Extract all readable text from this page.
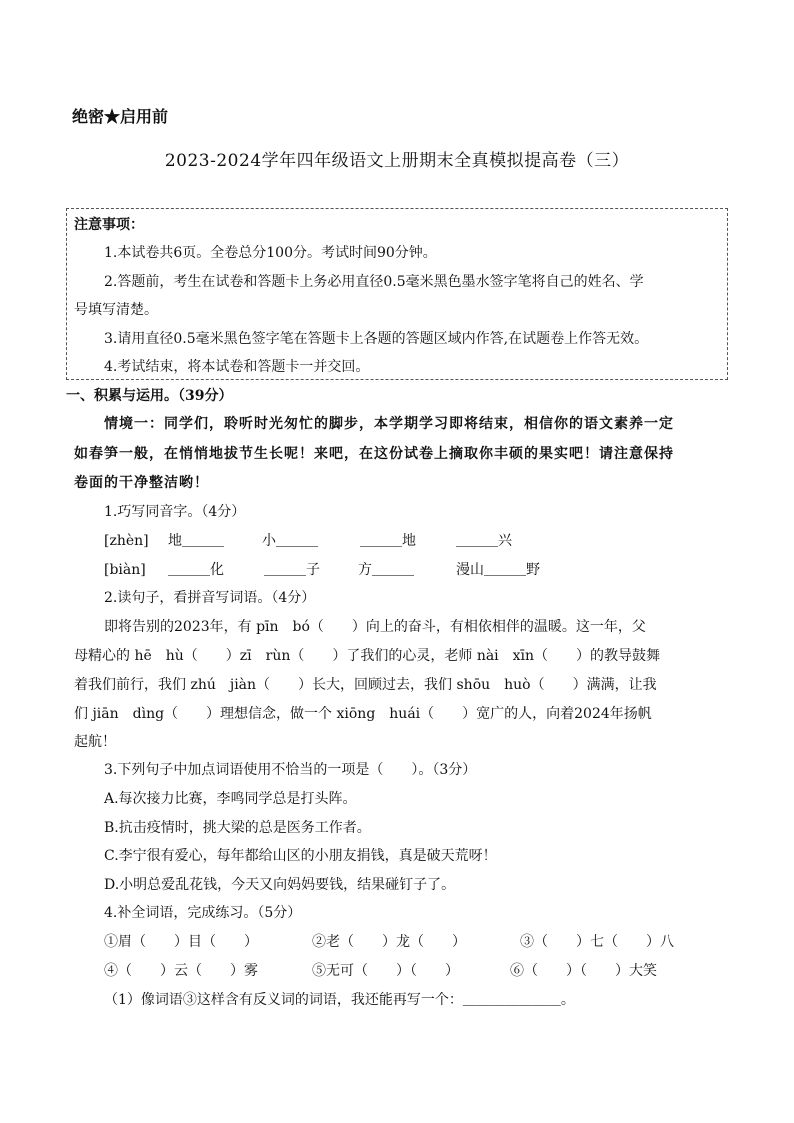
绝密★启用前
2023-2024学年四年级语文上册期末全真模拟提高卷（三）
注意事项：
1.本试卷共6页。全卷总分100分。考试时间90分钟。
2.答题前，考生在试卷和答题卡上务必用直径0.5毫米黑色墨水签字笔将自己的姓名、学
号填写清楚。
3.请用直径0.5毫米黑色签字笔在答题卡上各题的答题区域内作答,在试题卷上作答无效。
4.考试结束，将本试卷和答题卡一并交回。
一、积累与运用。（39分）
情境一：同学们，聆听时光匆忙的脚步，本学期学习即将结束，相信你的语文素养一定
如春笋一般，在悄悄地拔节生长呢！来吧，在这份试卷上摘取你丰硕的果实吧！请注意保持
卷面的干净整洁哟！
1.巧写同音字。（4分）
[zhèn] 地＿＿＿	小＿＿＿	＿＿＿地	＿＿＿兴
[biàn] ＿＿＿化	＿＿＿子	方＿＿＿	漫山＿＿＿野
2.读句子，看拼音写词语。（4分）
即将告别的2023年，有 pīn　bó（　　）向上的奋斗，有相依相伴的温暖。这一年，父
母精心的 hē　hù（　　）zī　rùn（　　）了我们的心灵，老师 nài　xīn（　　）的教导鼓舞
着我们前行，我们 zhú　jiàn（　　）长大，回顾过去，我们 shōu　huò（　　）满满，让我
们 jiān　dìng（　　）理想信念，做一个 xiōng　huái（　　）宽广的人，向着2024年扬帆
起航！
3.下列句子中加点词语使用不恰当的一项是（　　）。（3分）
A.每次接力比赛，李鸣同学总是打头阵。
B.抗击疫情时，挑大梁的总是医务工作者。
C.李宁很有爱心，每年都给山区的小朋友捐钱，真是破天荒呀！
D.小明总爱乱花钱，今天又向妈妈要钱，结果碰钉子了。
4.补全词语，完成练习。（5分）
①眉（　　）目（　　）	②老（　　）龙（　　）	③（　　）七（　　）八
④（　　）云（　　）雾	⑤无可（　　）（　　）	⑥（　　）（　　）大笑
（1）像词语③这样含有反义词的词语，我还能再写一个：＿＿＿＿＿＿＿。
